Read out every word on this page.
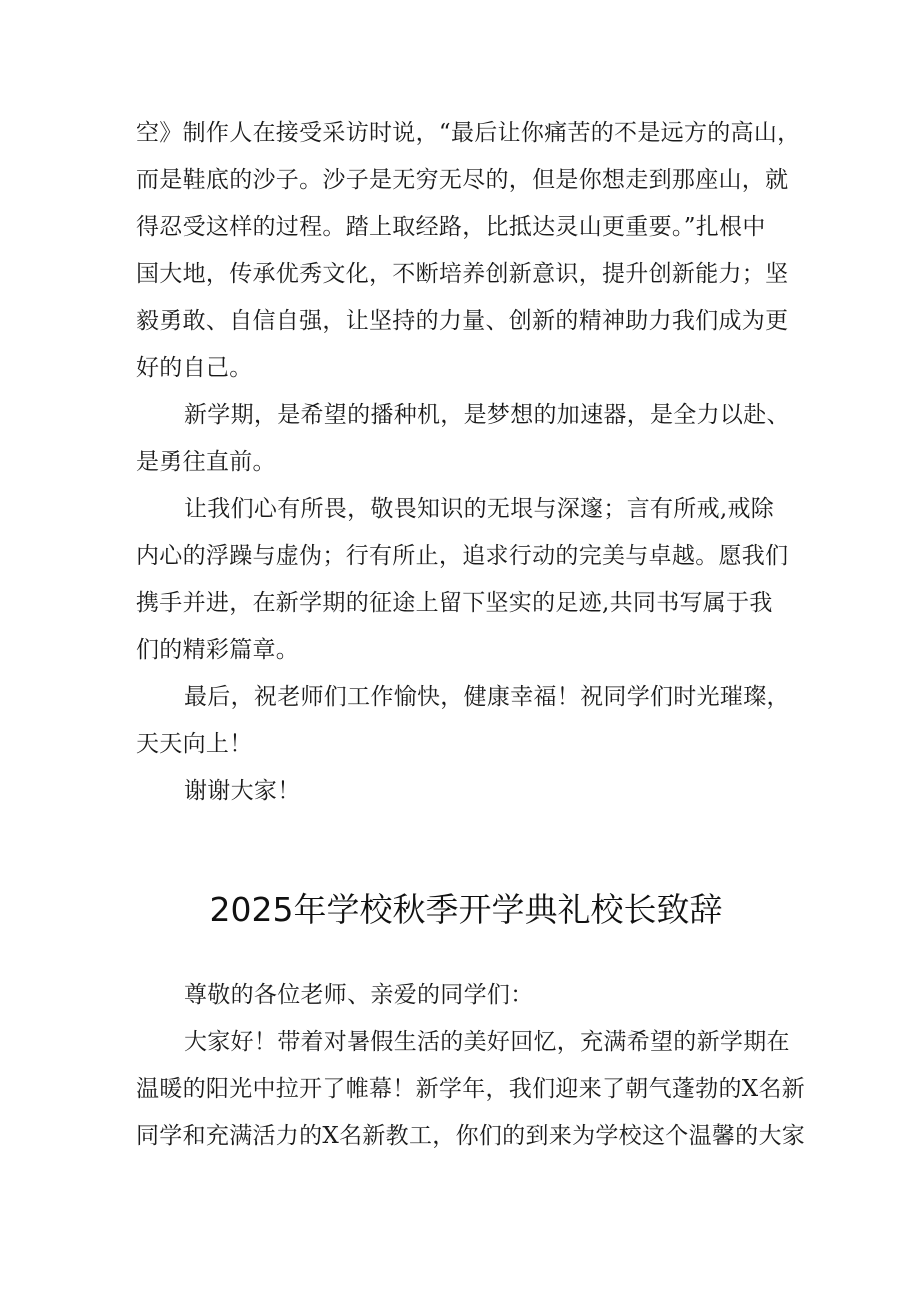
空》制作人在接受采访时说，“最后让你痛苦的不是远方的高山，
而是鞋底的沙子。沙子是无穷无尽的，但是你想走到那座山，就
得忍受这样的过程。踏上取经路，比抵达灵山更重要。”扎根中
国大地，传承优秀文化，不断培养创新意识，提升创新能力；坚
毅勇敢、自信自强，让坚持的力量、创新的精神助力我们成为更
好的自己。

新学期，是希望的播种机，是梦想的加速器，是全力以赴、
是勇往直前。

让我们心有所畏，敬畏知识的无垠与深邃；言有所戒,戒除
内心的浮躁与虚伪；行有所止，追求行动的完美与卓越。愿我们
携手并进，在新学期的征途上留下坚实的足迹,共同书写属于我
们的精彩篇章。

最后，祝老师们工作愉快，健康幸福！祝同学们时光璀璨，
天天向上！

谢谢大家！

2025年学校秋季开学典礼校长致辞

尊敬的各位老师、亲爱的同学们：

大家好！带着对暑假生活的美好回忆，充满希望的新学期在
温暖的阳光中拉开了帷幕！新学年，我们迎来了朝气蓬勃的X名新
同学和充满活力的X名新教工，你们的到来为学校这个温馨的大家
